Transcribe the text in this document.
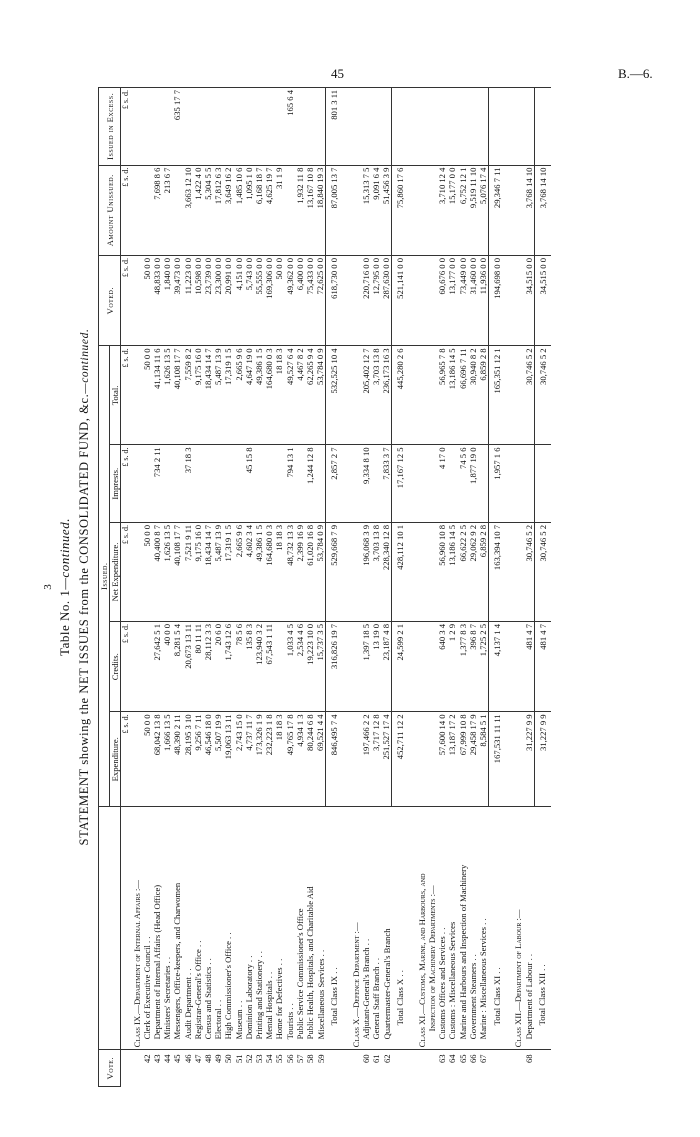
45	B.—6.
3
Table No. 1—continued. STATEMENT showing the NET ISSUES from the CONSOLIDATED FUND, &c.—continued.
Vote.		Issued.					Voted.	Amount Unissued.	Issued in Excess.
		Expenditure.	Credits.	Net Expenditure.	Imprests.	Total.			
		£ s. d.	£ s. d.	£ s. d.	£ s. d.	£ s. d.	£ s. d.	£ s. d.	£ s. d.
	Class IX.—Department of Internal Affairs :—								
42	Clerk of Executive Council . .	50 0 0		50 0 0		50 0 0	50 0 0		
43	Department of Internal Affairs (Head Office)	68,042 13 8	27,642 5 1	40,400 8 7	734 2 11	41,134 11 6	48,833 0 0	7,698 8 6	
44	Ministers' Secretaries . .	1,666 13 5	40 0 0	1,626 13 5		1,626 13 5	1,840 0 0	213 6 7	
45	Messengers, Office-keepers, and Charwomen	48,390 2 11	8,281 5 4	40,108 17 7		40,108 17 7	39,473 0 0		635 17 7
46	Audit Department . .	28,195 3 10	20,673 13 11	7,521 9 11	37 18 3	7,559 8 2	11,223 0 0	3,663 12 10	
47	Registrar-General's Office . .	9,256 7 11	80 11 11	9,175 16 0		9,175 16 0	10,598 0 0	1,422 4 0	
48	Census and Statistics . .	46,546 18 0	28,112 3 3	18,434 14 7		18,434 14 7	23,739 0 0	5,304 5 5	
49	Electoral . .	5,507 19 9	20 6 0	5,487 13 9		5,487 13 9	23,300 0 0	17,812 6 3	
50	High Commissioner's Office . .	19,063 13 11	1,743 12 6	17,319 1 5		17,319 1 5	20,991 0 0	3,649 16 2	
51	Museum . .	2,743 15 0	78 5 6	2,665 9 6		2,665 9 6	4,151 0 0	1,485 10 6	
52	Dominion Laboratory . .	4,737 11 7	135 8 3	4,602 3 4	45 15 8	4,647 19 0	5,743 0 0	1,095 1 0	
53	Printing and Stationery . .	173,326 1 9	123,940 3 2	49,386 1 5		49,386 1 5	55,555 0 0	6,168 18 7	
54	Mental Hospitals . .	232,223 1 8	67,543 1 11	164,680 0 3		164,680 0 3	169,306 0 0	4,625 19 7	
55	Home for Defectives . .	18 18 3		18 18 3		18 18 3	50 0 0	31 1 9	
56	Tourists . .	49,765 17 8	1,033 4 5	48,732 13 3	794 13 1	49,527 6 4	49,362 0 0		165 6 4
57	Public Service Commissioner's Office	4,934 1 3	2,534 4 6	2,399 16 9		4,467 8 2	6,400 0 0	1,932 11 8	
58	Public Health, Hospitals, and Charitable Aid	80,244 6 8	19,223 10 0	61,020 16 8	1,244 12 8	62,265 9 4	75,433 0 0	13,167 10 8	
59	Miscellaneous Services . .	69,521 4 4	15,737 3 5	53,784 0 9		53,784 0 9	72,625 0 0	18,840 19 3	
	Total Class IX . .	846,495 7 4	316,826 19 7	529,668 7 9	2,857 2 7	532,525 10 4	618,730 0 0	87,005 13 7	801 3 11

	Class X.—Defence Department :—								
60	Adjutant-General's Branch . .	197,466 2 2	1,397 18 5	196,068 3 9	9,334 8 10	205,402 12 7	220,716 0 0	15,313 7 5	
61	General Staff Branch . .	3,717 12 8	13 19 0	3,703 13 8		3,703 13 8	12,795 0 0	9,091 6 4	
62	Quartermaster-General's Branch	251,527 17 4	23,187 4 8	228,340 12 8	7,833 3 7	236,173 16 3	287,630 0 0	51,456 3 9	
	Total Class X . .	452,711 12 2	24,599 2 1	428,112 10 1	17,167 12 5	445,280 2 6	521,141 0 0	75,860 17 6	

	Class XI.—Customs, Marine, and Harbours, and								
	Inspection of Machinery Departments :—								
63	Customs Offices and Services . .	57,600 14 0	640 3 4	56,960 10 8	4 17 0	56,965 7 8	60,676 0 0	3,710 12 4	
64	Customs : Miscellaneous Services	13,187 17 2	1 2 9	13,186 14 5		13,186 14 5	13,177 0 0	15,177 0 0	
65	Marine and Harbours and Inspection of Machinery	67,999 10 8	1,377 8 3	66,622 2 5	74 5 6	66,696 7 11	73,449 0 0	6,752 12 1	
66	Government Steamers . .	29,458 17 9	396 8 7	29,062 9 2	1,877 19 0	30,940 8 2	31,460 0 0	9,519 11 10	
67	Marine : Miscellaneous Services . .	8,584 5 1	1,725 2 5	6,859 2 8		6,859 2 8	11,936 0 0	5,076 17 4	
	Total Class XI . .	167,531 11 11	4,137 1 4	163,394 10 7	1,957 1 6	165,351 12 1	194,698 0 0	29,346 7 11	

	Class XII.—Department of Labour :—								
68	Department of Labour . .	31,227 9 9	481 4 7	30,746 5 2		30,746 5 2	34,515 0 0	3,768 14 10	
	Total Class XII . .	31,227 9 9	481 4 7	30,746 5 2		30,746 5 2	34,515 0 0	3,768 14 10	
